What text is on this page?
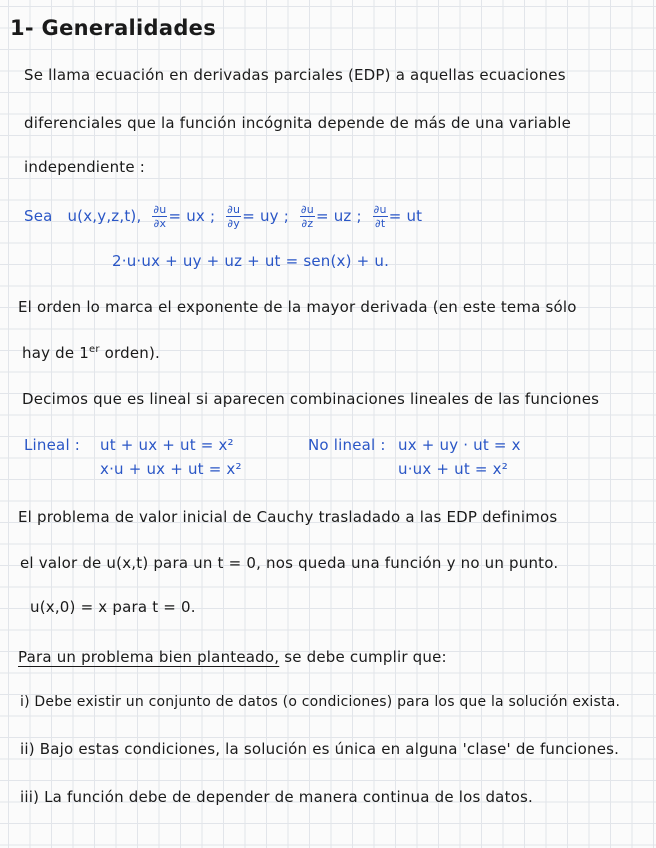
1- Generalidades
Se llama ecuación en derivadas parciales (EDP) a aquellas ecuaciones
diferenciales que la función incógnita depende de más de una variable
independiente :
Sea u(x,y,z,t), $\frac{\partial u}{\partial x}$ = ux ; $\frac{\partial u}{\partial y}$ = uy ; $\frac{\partial u}{\partial z}$ = uz ; $\frac{\partial u}{\partial t}$ = ut
2·u·ux + uy + uz + ut = sen(x) + u.
El orden lo marca el exponente de la mayor derivada (en este tema sólo
hay de 1er orden).
Decimos que es lineal si aparecen combinaciones lineales de las funciones
Lineal : ut + ux + ut = x²
x·u + ux + ut = x²
No lineal : ux + uy · ut = x
u·ux + ut = x²
El problema de valor inicial de Cauchy trasladado a las EDP definimos
el valor de u(x,t) para un t = 0, nos queda una función y no un punto.
u(x,0) = x para t = 0.
Para un problema bien planteado, se debe cumplir que:
i) Debe existir un conjunto de datos (o condiciones) para los que la solución exista.
ii) Bajo estas condiciones, la solución es única en alguna 'clase' de funciones.
iii) La función debe de depender de manera continua de los datos.
